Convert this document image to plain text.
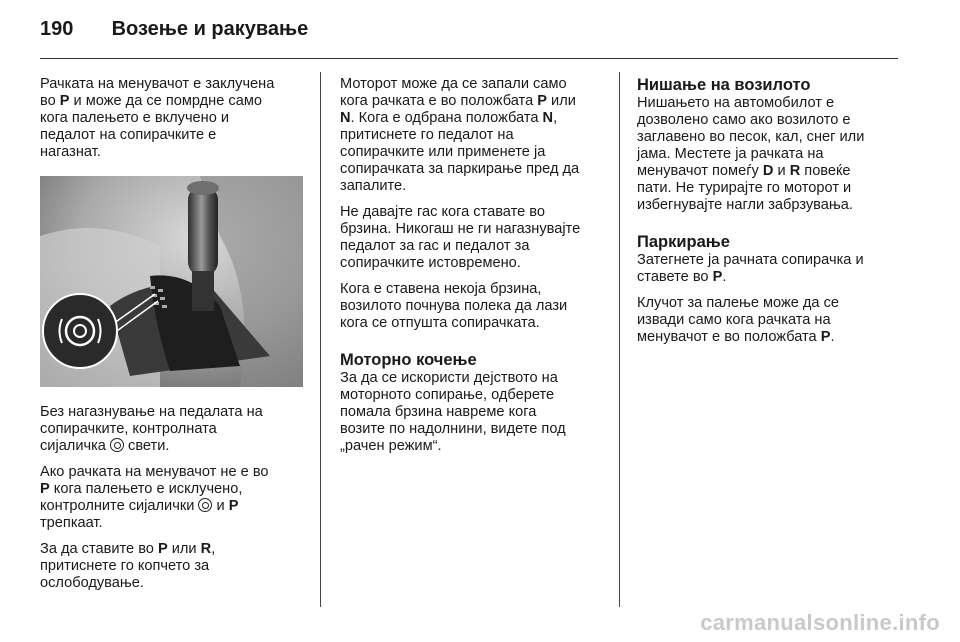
190 Возење и ракување

Рачката на менувачот е заклучена
во P и може да се помрдне само
кога палењето е вклучено и
педалот на сопирачките е
нагазнат.

Без нагазнување на педалата на
сопирачките, контролната
сијаличка  свети.

Ако рачката на менувачот не е во
P кога палењето е исклучено,
контролните сијалички  и P
трепкаат.

За да ставите во P или R,
притиснете го копчето за
ослободување.

Моторот може да се запали само
кога рачката е во положбата P или
N. Кога е одбрана положбата N,
притиснете го педалот на
сопирачките или применете ја
сопирачката за паркирање пред да
запалите.

Не давајте гас кога ставате во
брзина. Никогаш не ги нагазнувајте
педалот за гас и педалот за
сопирачките истовремено.

Кога е ставена некоја брзина,
возилото почнува полека да лази
кога се отпушта сопирачката.

Моторно кочење

За да се искористи дејството на
моторното сопирање, одберете
помала брзина навреме кога
возите по надолнини, видете под
„рачен режим“.

Нишање на возилото

Нишањето на автомобилот е
дозволено само ако возилото е
заглавено во песок, кал, снег или
јама. Местете ја рачката на
менувачот помеѓу D и R повеќе
пати. Не турирајте го моторот и
избегнувајте нагли забрзувања.

Паркирање

Затегнете ја рачната сопирачка и
ставете во P.

Клучот за палење може да се
извади само кога рачката на
менувачот е во положбата P.

carmanualsonline.info
